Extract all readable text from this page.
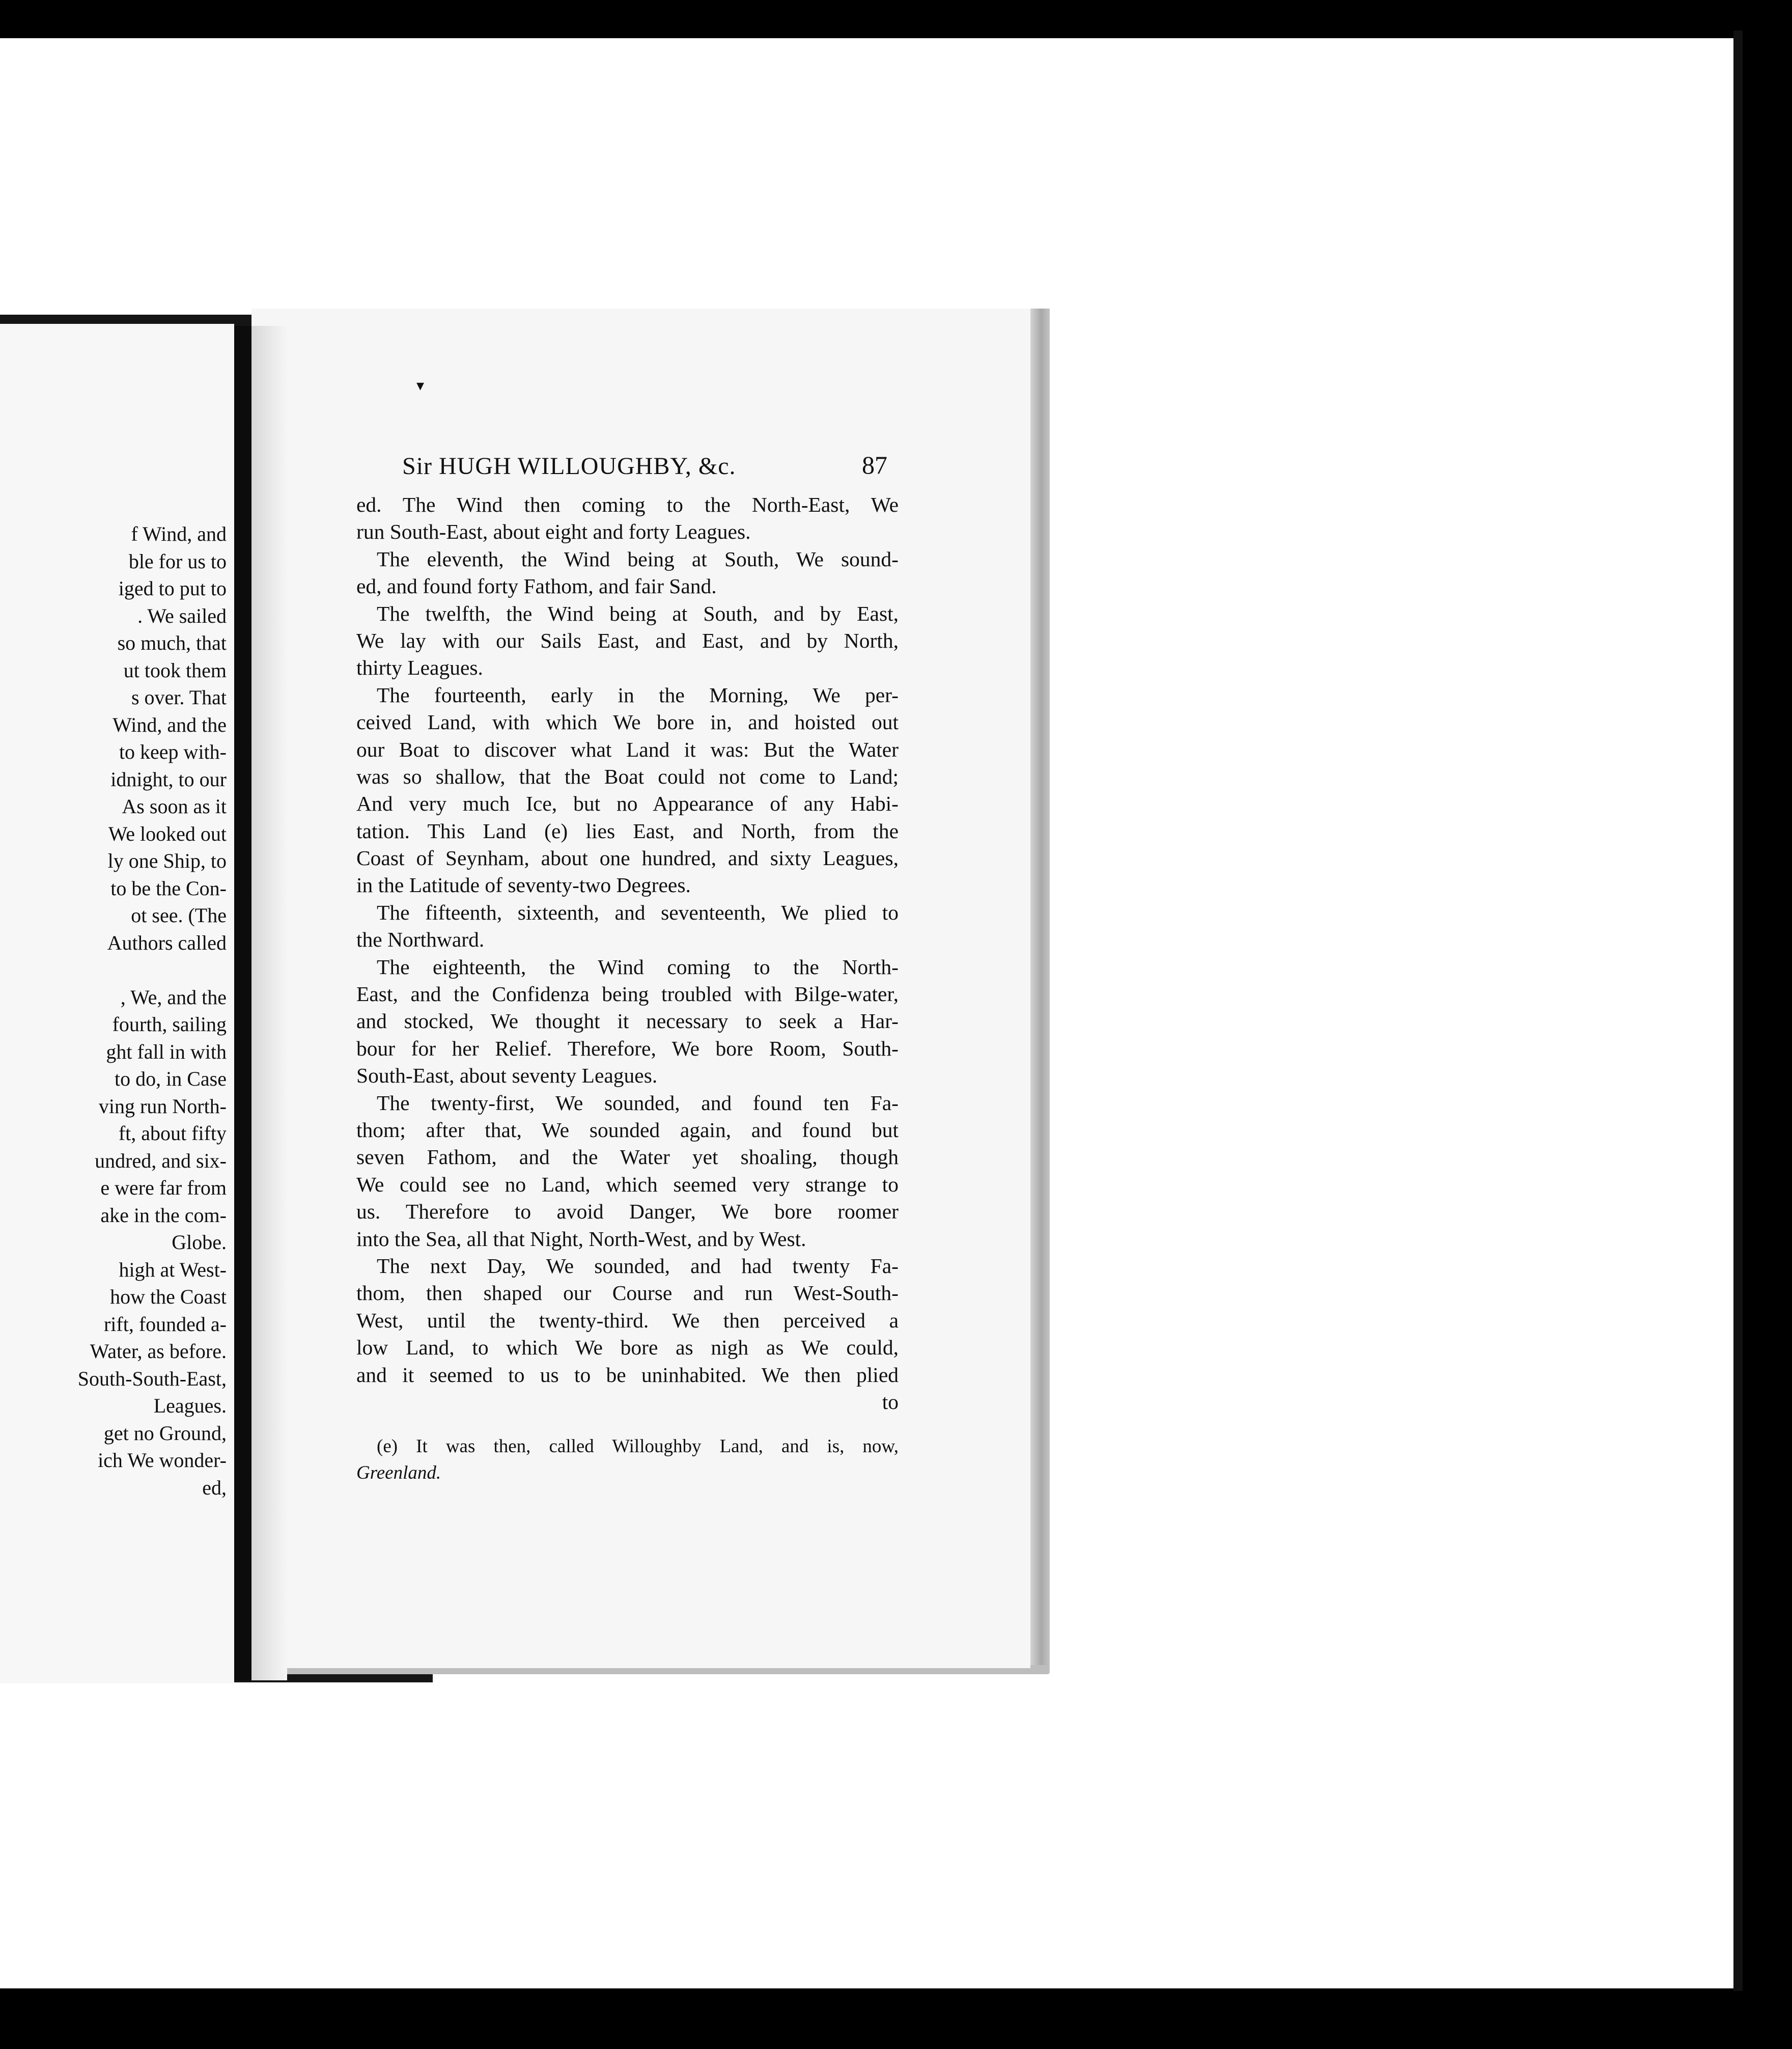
f Wind, and
ble for us to
iged to put to
. We sailed
so much, that
ut took them
s over. That
Wind, and the
to keep with-
idnight, to our
As soon as it
We looked out
ly one Ship, to
to be the Con-
ot see. (The
Authors called
, We, and the
fourth, sailing
ght fall in with
to do, in Case
ving run North-
ft, about fifty
undred, and six-
e were far from
ake in the com-
Globe.
high at West-
how the Coast
rift, founded a-
Water, as before.
South-South-East,
Leagues.
get no Ground,
ich We wonder-
ed,
▾
Sir HUGH WILLOUGHBY, &c.	87
ed. The Wind then coming to the North-East, We
run South-East, about eight and forty Leagues.
The eleventh, the Wind being at South, We sound-
ed, and found forty Fathom, and fair Sand.
The twelfth, the Wind being at South, and by East,
We lay with our Sails East, and East, and by North,
thirty Leagues.
The fourteenth, early in the Morning, We per-
ceived Land, with which We bore in, and hoisted out
our Boat to discover what Land it was: But the Water
was so shallow, that the Boat could not come to Land;
And very much Ice, but no Appearance of any Habi-
tation. This Land (e) lies East, and North, from the
Coast of Seynham, about one hundred, and sixty Leagues,
in the Latitude of seventy-two Degrees.
The fifteenth, sixteenth, and seventeenth, We plied to
the Northward.
The eighteenth, the Wind coming to the North-
East, and the Confidenza being troubled with Bilge-water,
and stocked, We thought it necessary to seek a Har-
bour for her Relief. Therefore, We bore Room, South-
South-East, about seventy Leagues.
The twenty-first, We sounded, and found ten Fa-
thom; after that, We sounded again, and found but
seven Fathom, and the Water yet shoaling, though
We could see no Land, which seemed very strange to
us. Therefore to avoid Danger, We bore roomer
into the Sea, all that Night, North-West, and by West.
The next Day, We sounded, and had twenty Fa-
thom, then shaped our Course and run West-South-
West, until the twenty-third. We then perceived a
low Land, to which We bore as nigh as We could,
and it seemed to us to be uninhabited. We then plied
to
(e) It was then, called Willoughby Land, and is, now,
Greenland.
